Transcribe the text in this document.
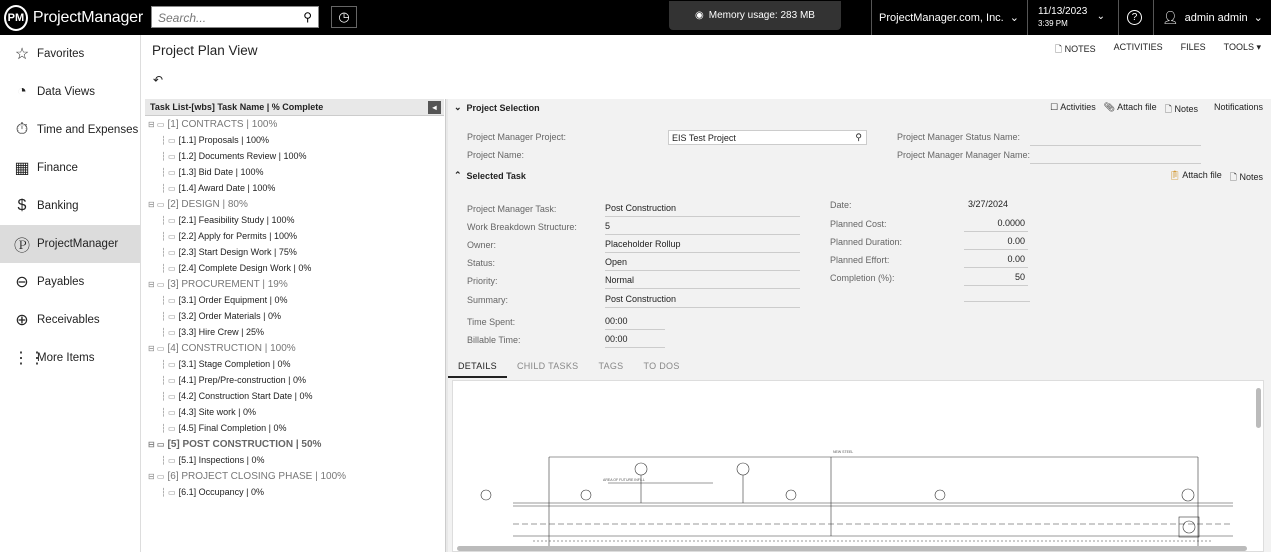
PM ProjectManager	Search...	⚲ ◷	◉ Memory usage: 283 MB	ProjectManager.com, Inc. ⌄
11/13/2023
3:39 PM
⌄	?	👤︎ admin admin ⌄
☆ Favorites
◔ Data Views
⏱ Time and Expenses
▦ Finance
$ Banking
Ⓟ ProjectManager
⊖ Payables
⊕ Receivables
⋮⋮
More Items
Project Plan View
↶
🗋︎ NOTES ACTIVITIES FILES TOOLS ▾
Task List-[wbs] Task Name | % Complete	◂
⊟ ▭ [1] CONTRACTS | 100%
┆ ▭ [1.1] Proposals | 100%
┆ ▭ [1.2] Documents Review | 100%
┆ ▭ [1.3] Bid Date | 100%
┆ ▭ [1.4] Award Date | 100%
⊟ ▭ [2] DESIGN | 80%
┆ ▭ [2.1] Feasibility Study | 100%
┆ ▭ [2.2] Apply for Permits | 100%
┆ ▭ [2.3] Start Design Work | 75%
┆ ▭ [2.4] Complete Design Work | 0%
⊟ ▭ [3] PROCUREMENT | 19%
┆ ▭ [3.1] Order Equipment | 0%
┆ ▭ [3.2] Order Materials | 0%
┆ ▭ [3.3] Hire Crew | 25%
⊟ ▭ [4] CONSTRUCTION | 100%
┆ ▭ [3.1] Stage Completion | 0%
┆ ▭ [4.1] Prep/Pre-construction | 0%
┆ ▭ [4.2] Construction Start Date | 0%
┆ ▭ [4.3] Site work | 0%
┆ ▭ [4.5] Final Completion | 0%
⊟ ▭ [5] POST CONSTRUCTION | 50%
┆ ▭ [5.1] Inspections | 0%
⊟ ▭ [6] PROJECT CLOSING PHASE | 100%
┆ ▭ [6.1] Occupancy | 0%
⌄ Project Selection	☐ Activities 📎︎ Attach file 🗋︎ Notes Notifications
Project Manager Project:	EIS Test Project	⚲
Project Name:
Project Manager Status Name:
Project Manager Manager Name:
⌃ Selected Task	📋︎ Attach file 🗋︎ Notes
Project Manager Task:	Post Construction
Work Breakdown Structure:	5
Owner:	Placeholder Rollup
Status:	Open
Priority:	Normal
Summary:	Post Construction
Time Spent:	00:00
Billable Time:	00:00
Date:	3/27/2024
Planned Cost:	0.0000
Planned Duration:	0.00
Planned Effort:	0.00
Completion (%):	50
DETAILS	CHILD TASKS	TAGS	TO DOS
AREA OF FUTURE INFILL
NEW STEEL
